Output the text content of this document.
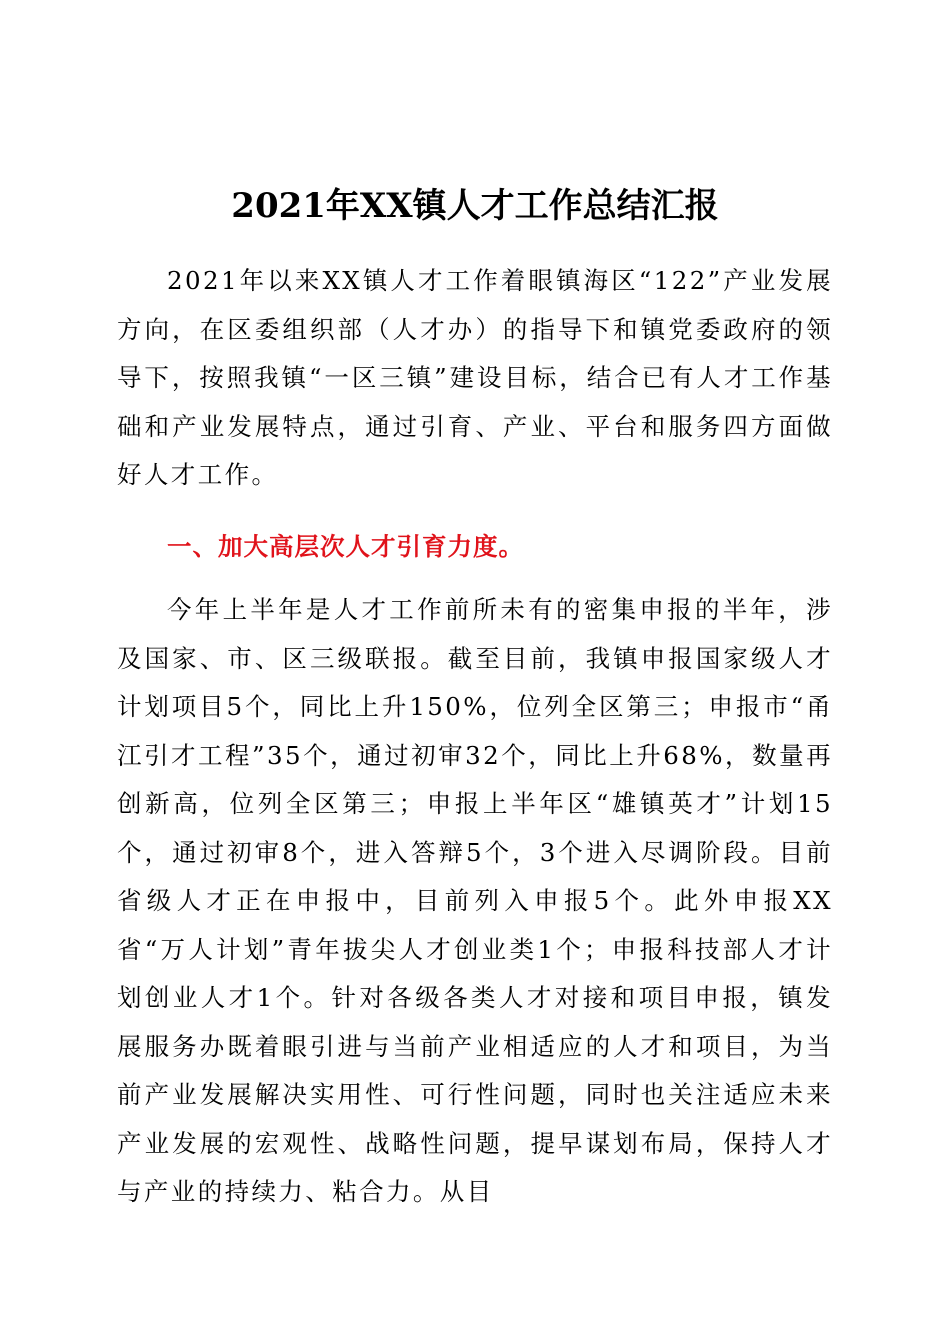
2021年XX镇人才工作总结汇报

2021年以来XX镇人才工作着眼镇海区“122”产业发展方向，在区委组织部（人才办）的指导下和镇党委政府的领导下，按照我镇“一区三镇”建设目标，结合已有人才工作基础和产业发展特点，通过引育、产业、平台和服务四方面做好人才工作。

一、加大高层次人才引育力度。

今年上半年是人才工作前所未有的密集申报的半年，涉及国家、市、区三级联报。截至目前，我镇申报国家级人才计划项目5个，同比上升150%，位列全区第三；申报市“甬江引才工程”35个，通过初审32个，同比上升68%，数量再创新高，位列全区第三；申报上半年区“雄镇英才”计划15个，通过初审8个，进入答辩5个，3个进入尽调阶段。目前省级人才正在申报中，目前列入申报5个。此外申报XX省“万人计划”青年拔尖人才创业类1个；申报科技部人才计划创业人才1个。针对各级各类人才对接和项目申报，镇发展服务办既着眼引进与当前产业相适应的人才和项目，为当前产业发展解决实用性、可行性问题，同时也关注适应未来产业发展的宏观性、战略性问题，提早谋划布局，保持人才与产业的持续力、粘合力。从目
